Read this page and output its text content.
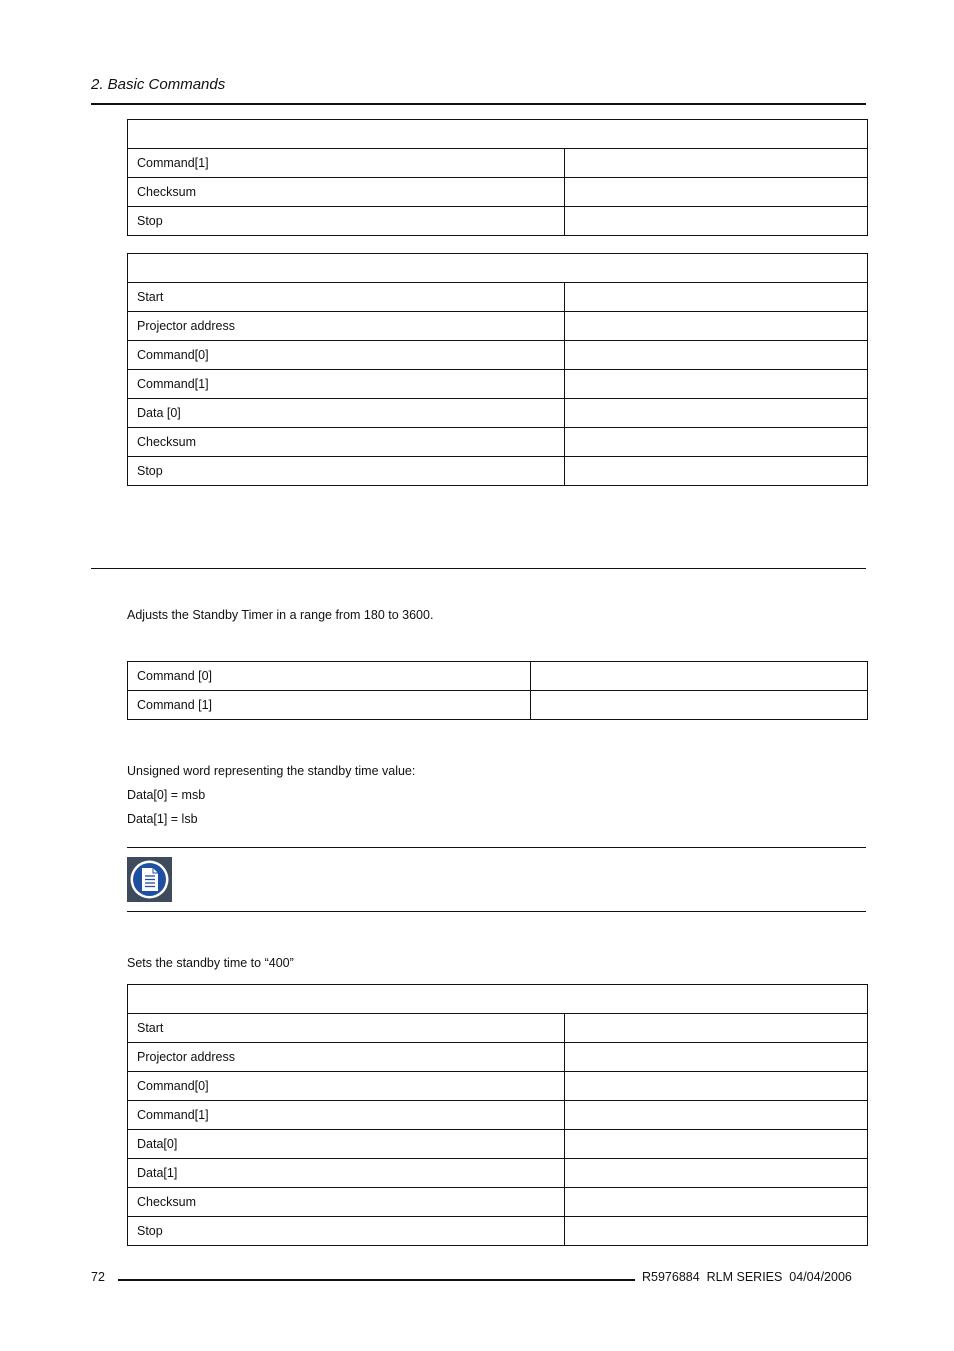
2. Basic Commands

Command[1]	
Checksum	
Stop	

Start	
Projector address	
Command[0]	
Command[1]	
Data [0]	
Checksum	
Stop	
Adjusts the Standby Timer in a range from 180 to 3600.
Command [0]	
Command [1]	
Unsigned word representing the standby time value:
Data[0] = msb
Data[1] = lsb
Sets the standby time to “400”

Start	
Projector address	
Command[0]	
Command[1]	
Data[0]	
Data[1]	
Checksum	
Stop	
72	R5976884  RLM SERIES  04/04/2006
